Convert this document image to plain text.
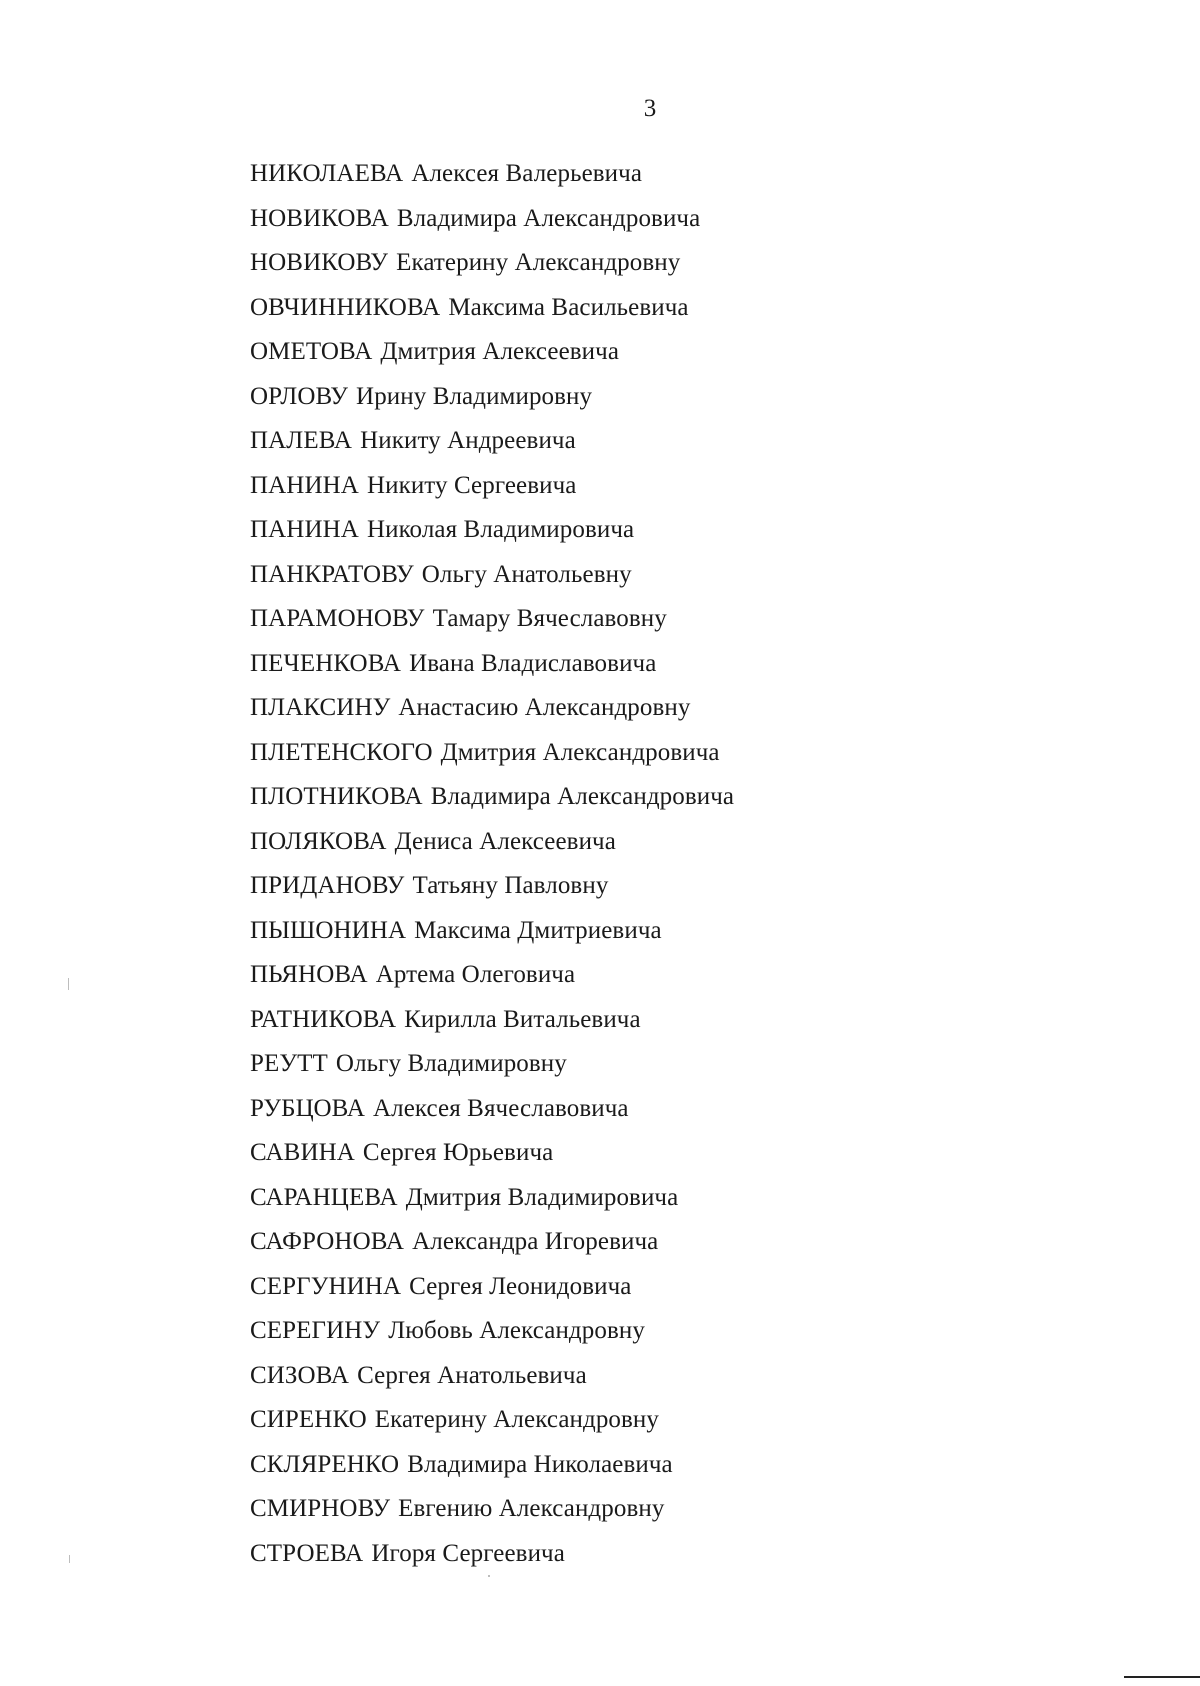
3
НИКОЛАЕВА Алексея Валерьевича
НОВИКОВА Владимира Александровича
НОВИКОВУ Екатерину Александровну
ОВЧИННИКОВА Максима Васильевича
ОМЕТОВА Дмитрия Алексеевича
ОРЛОВУ Ирину Владимировну
ПАЛЕВА Никиту Андреевича
ПАНИНА Никиту Сергеевича
ПАНИНА Николая Владимировича
ПАНКРАТОВУ Ольгу Анатольевну
ПАРАМОНОВУ Тамару Вячеславовну
ПЕЧЕНКОВА Ивана Владиславовича
ПЛАКСИНУ Анастасию Александровну
ПЛЕТЕНСКОГО Дмитрия Александровича
ПЛОТНИКОВА Владимира Александровича
ПОЛЯКОВА Дениса Алексеевича
ПРИДАНОВУ Татьяну Павловну
ПЫШОНИНА Максима Дмитриевича
ПЬЯНОВА Артема Олеговича
РАТНИКОВА Кирилла Витальевича
РЕУТТ Ольгу Владимировну
РУБЦОВА Алексея Вячеславовича
САВИНА Сергея Юрьевича
САРАНЦЕВА Дмитрия Владимировича
САФРОНОВА Александра Игоревича
СЕРГУНИНА Сергея Леонидовича
СЕРЕГИНУ Любовь Александровну
СИЗОВА Сергея Анатольевича
СИРЕНКО Екатерину Александровну
СКЛЯРЕНКО Владимира Николаевича
СМИРНОВУ Евгению Александровну
СТРОЕВА Игоря Сергеевича
